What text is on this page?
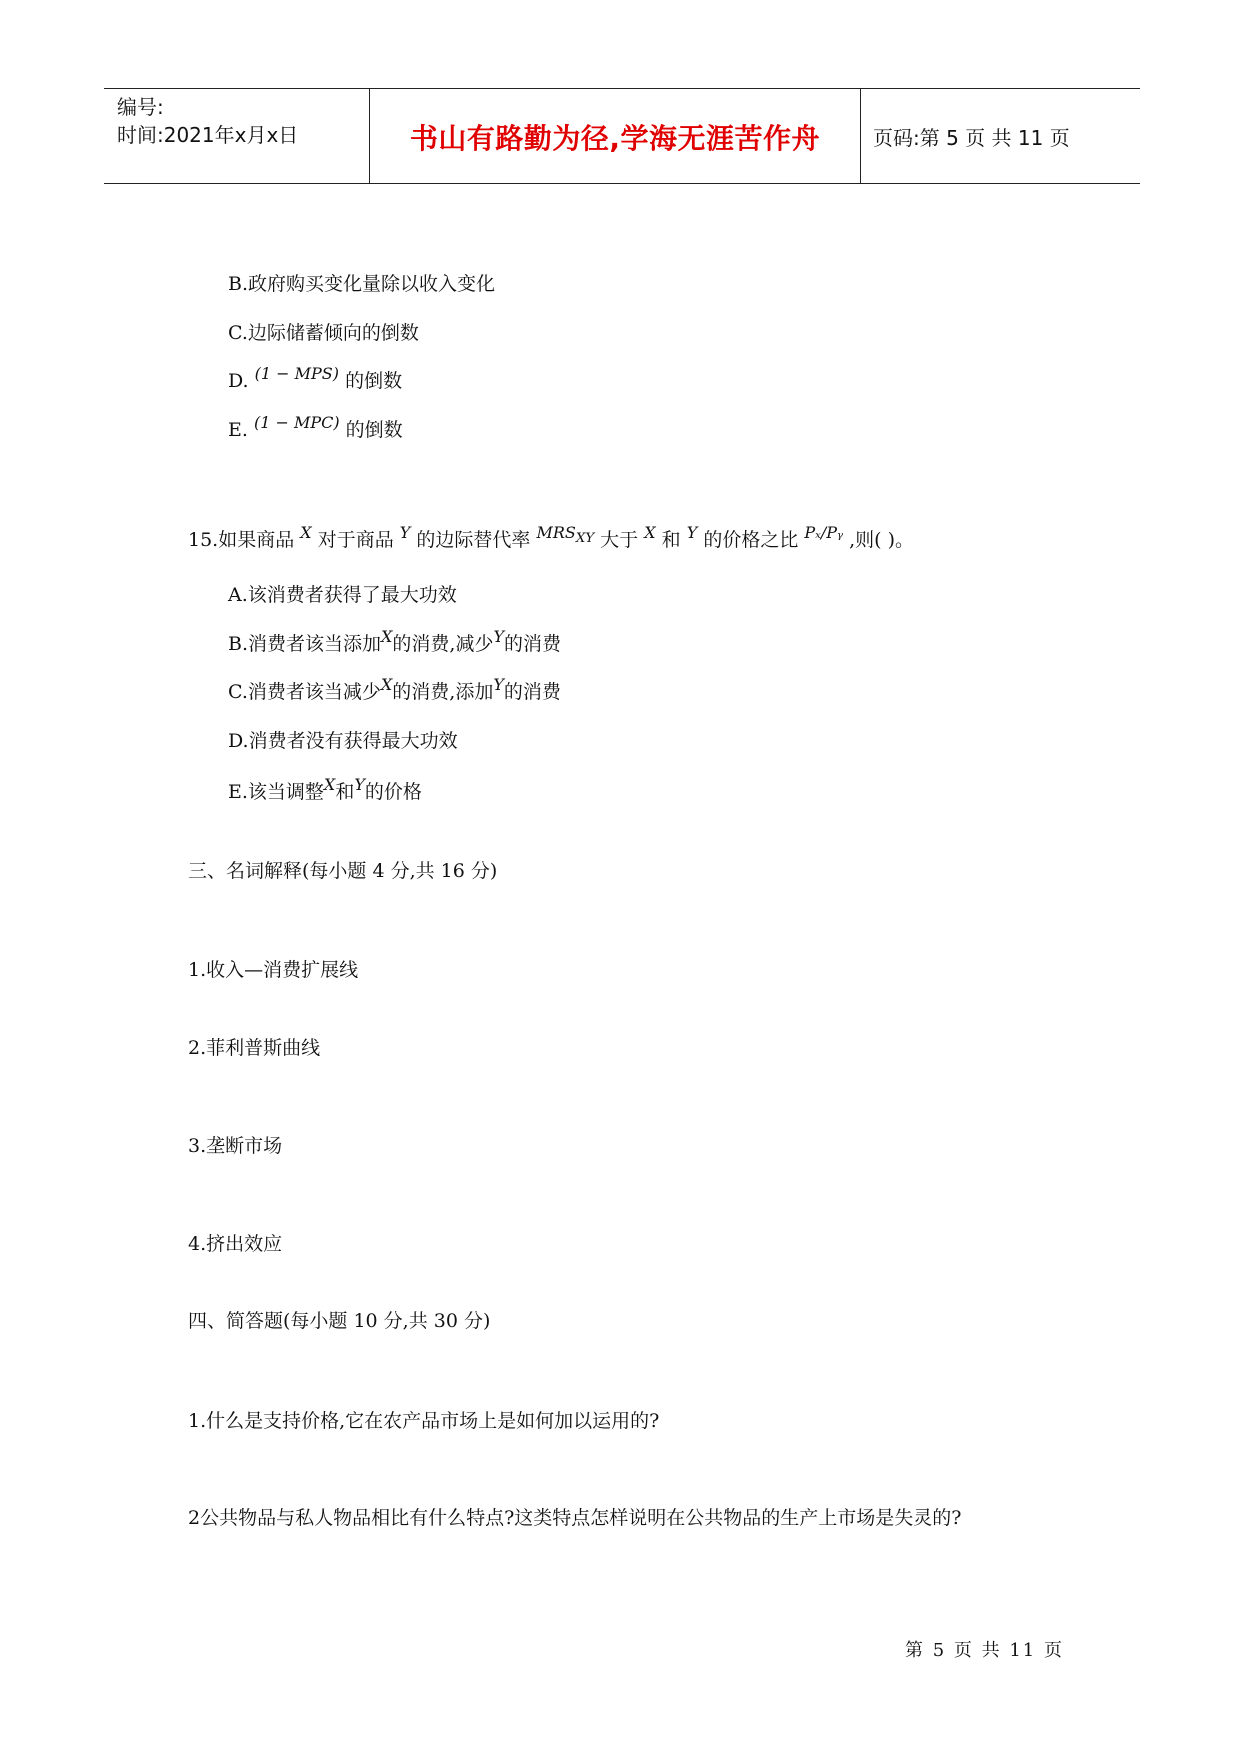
编号:
时间:2021年x月x日	书山有路勤为径,学海无涯苦作舟	页码:第 5 页 共 11 页
B.政府购买变化量除以收入变化
C.边际储蓄倾向的倒数
D. $^{(1 - MPS)}$ 的倒数
E. $^{(1 - MPC)}$ 的倒数
15.如果商品 $^X$ 对于商品 $^Y$ 的边际替代率 $^{MRS_{XY}}$ 大于 $^X$ 和 $^Y$ 的价格之比 $^{P_x/Pᵧ}$ ,则( )。
A.该消费者获得了最大功效
B.消费者该当添加$^X$的消费,减少$^Y$的消费
C.消费者该当减少$^X$的消费,添加$^Y$的消费
D.消费者没有获得最大功效
E.该当调整$^X$和$^Y$的价格
三、名词解释(每小题 4 分,共 16 分)
1.收入—消费扩展线
2.菲利普斯曲线
3.垄断市场
4.挤出效应
四、简答题(每小题 10 分,共 30 分)
1.什么是支持价格,它在农产品市场上是如何加以运用的?
2公共物品与私人物品相比有什么特点?这类特点怎样说明在公共物品的生产上市场是失灵的?
第 5 页 共 11 页
